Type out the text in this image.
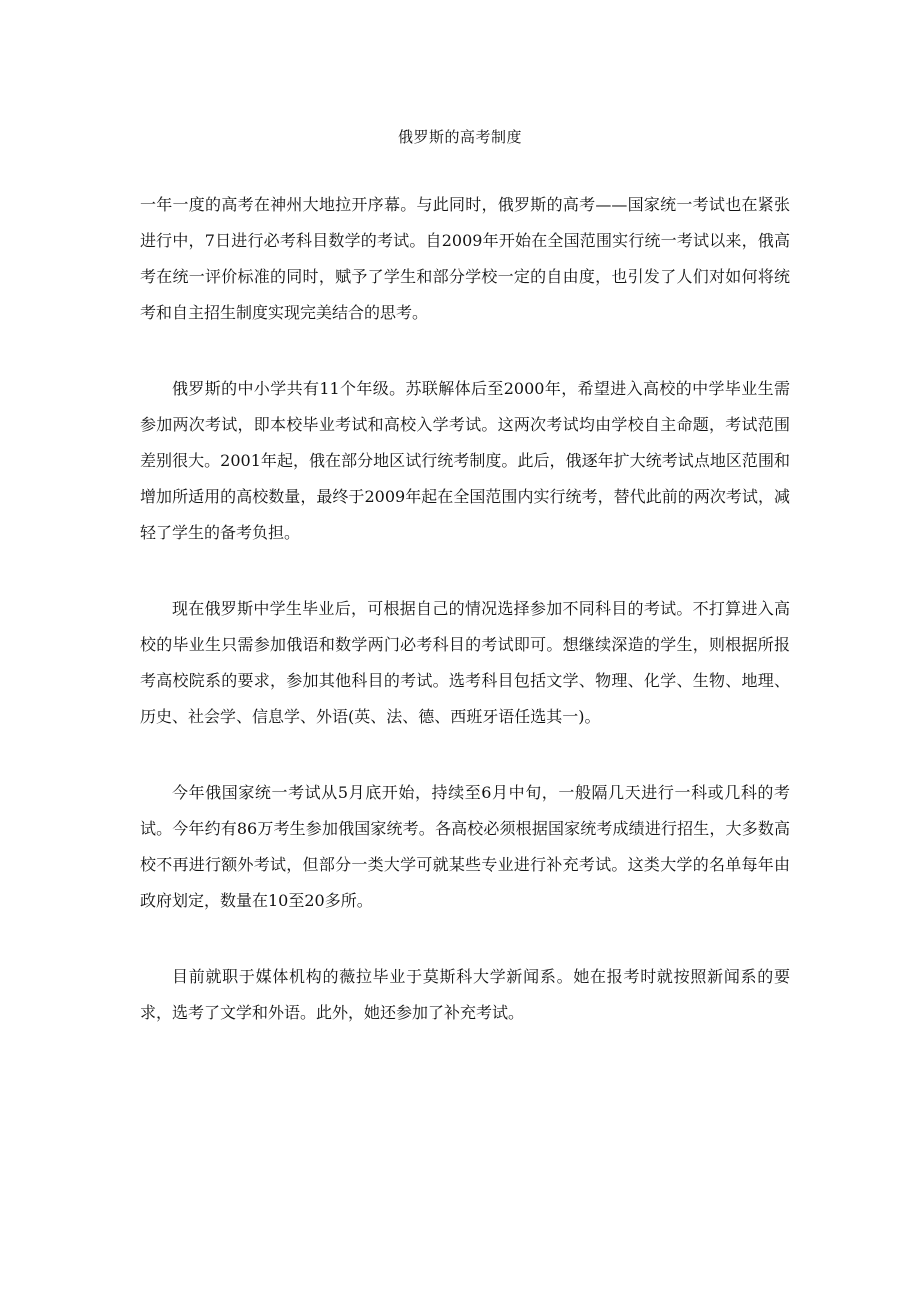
俄罗斯的高考制度

一年一度的高考在神州大地拉开序幕。与此同时，俄罗斯的高考——国家统一考试也在紧张进行中，7日进行必考科目数学的考试。自2009年开始在全国范围实行统一考试以来，俄高考在统一评价标准的同时，赋予了学生和部分学校一定的自由度，也引发了人们对如何将统考和自主招生制度实现完美结合的思考。

俄罗斯的中小学共有11个年级。苏联解体后至2000年，希望进入高校的中学毕业生需参加两次考试，即本校毕业考试和高校入学考试。这两次考试均由学校自主命题，考试范围差别很大。2001年起，俄在部分地区试行统考制度。此后，俄逐年扩大统考试点地区范围和增加所适用的高校数量，最终于2009年起在全国范围内实行统考，替代此前的两次考试，减轻了学生的备考负担。

现在俄罗斯中学生毕业后，可根据自己的情况选择参加不同科目的考试。不打算进入高校的毕业生只需参加俄语和数学两门必考科目的考试即可。想继续深造的学生，则根据所报考高校院系的要求，参加其他科目的考试。选考科目包括文学、物理、化学、生物、地理、历史、社会学、信息学、外语(英、法、德、西班牙语任选其一)。

今年俄国家统一考试从5月底开始，持续至6月中旬，一般隔几天进行一科或几科的考试。今年约有86万考生参加俄国家统考。各高校必须根据国家统考成绩进行招生，大多数高校不再进行额外考试，但部分一类大学可就某些专业进行补充考试。这类大学的名单每年由政府划定，数量在10至20多所。

目前就职于媒体机构的薇拉毕业于莫斯科大学新闻系。她在报考时就按照新闻系的要求，选考了文学和外语。此外，她还参加了补充考试。
